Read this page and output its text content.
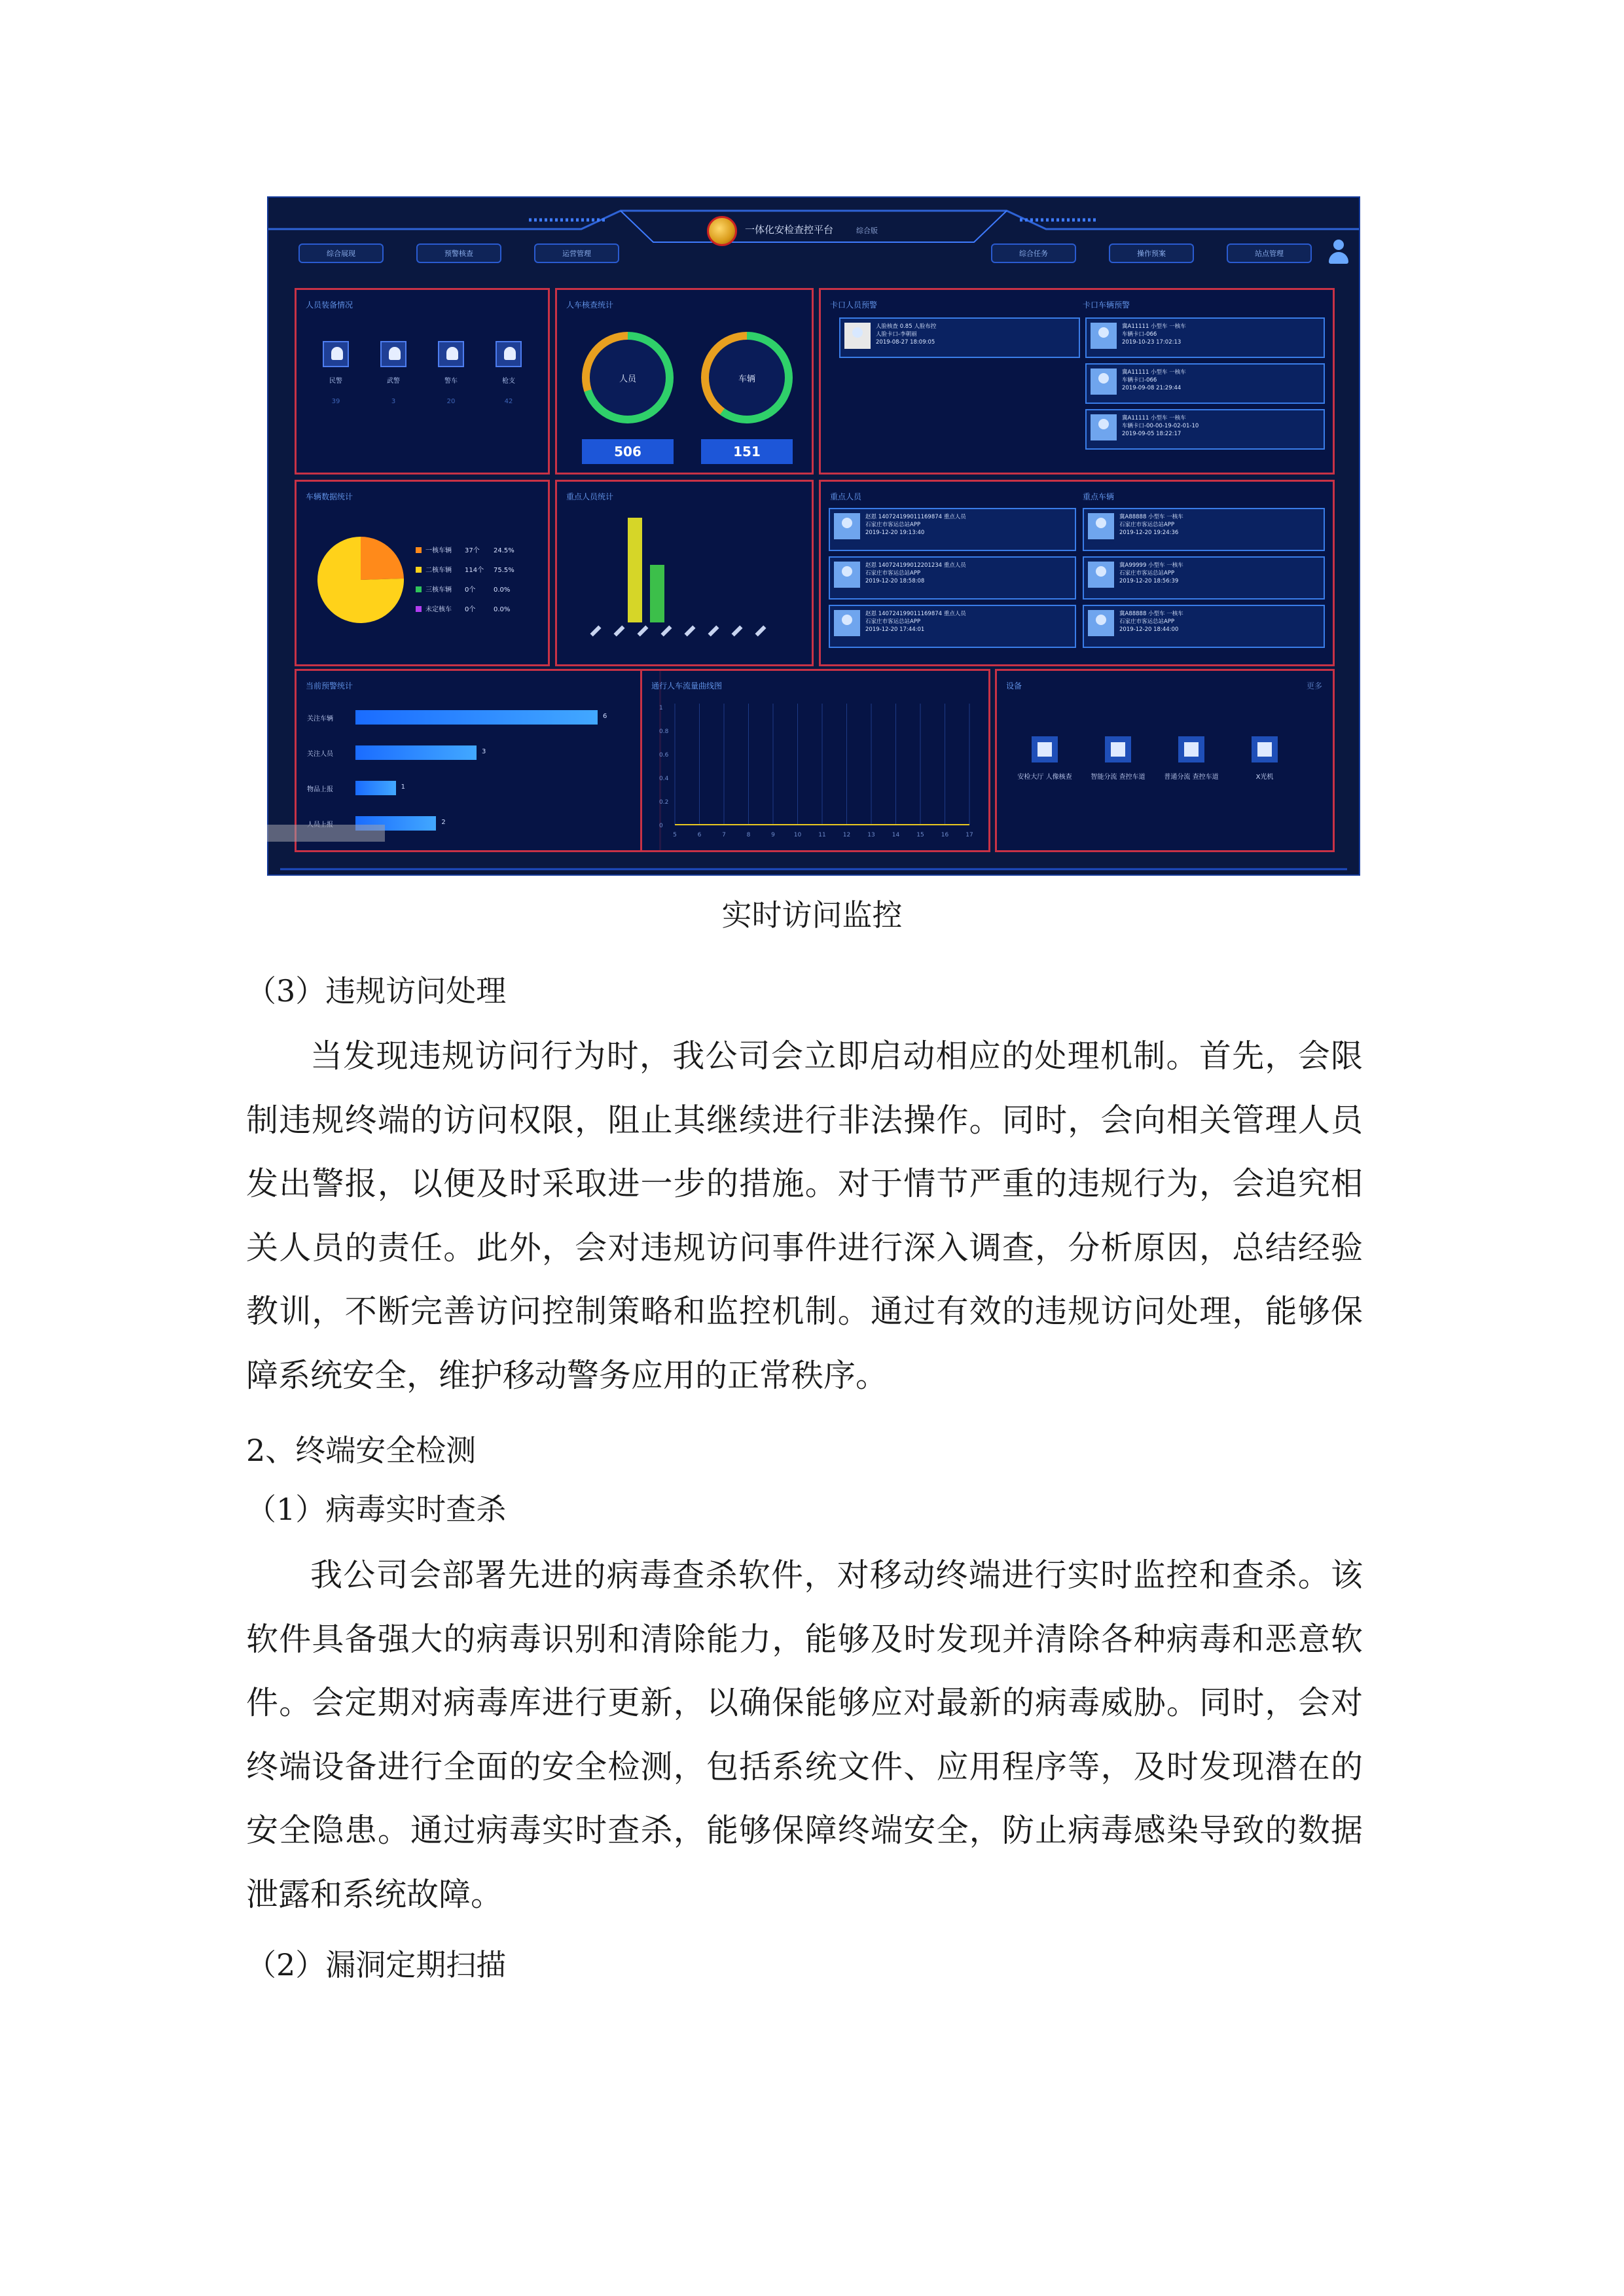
一体化安检查控平台	综合版
综合展现	预警核查	运营管理	综合任务	操作预案	站点管理
人员装备情况
民警
39
武警
3
警车
20
枪支
42
人车核查统计
人员	车辆
506	151
卡口人员预警	卡口车辆预警
人脸核查 0.85 人脸布控
人脸卡口-李朝丽
2019-08-27 18:09:05
冀A11111 小型车 一核车
车辆卡口-066
2019-10-23 17:02:13
冀A11111 小型车 一核车
车辆卡口-066
2019-09-08 21:29:44
冀A11111 小型车 一核车
车辆卡口-00-00-19-02-01-10
2019-09-05 18:22:17
车辆数据统计
一核车辆 37个 24.5%
二核车辆 114个 75.5%
三核车辆 0个	0.0%
未定核车 0个	0.0%
重点人员统计	重点人员	重点车辆
赵恩 140724199011169874 重点人员
石家庄市客运总站APP
2019-12-20 19:13:40
赵恩 140724199012201234 重点人员
石家庄市客运总站APP
2019-12-20 18:58:08
赵恩 140724199011169874 重点人员
石家庄市客运总站APP
2019-12-20 17:44:01
冀A88888 小型车 一核车
石家庄市客运总站APP
2019-12-20 19:24:36
冀A99999 小型车 一核车
石家庄市客运总站APP
2019-12-20 18:56:39
冀A88888 小型车 一核车
石家庄市客运总站APP
2019-12-20 18:44:00
当前预警统计
关注车辆
关注人员
物品上报
6
3
1
2
通行人车流量曲线图
5	6	7	8	9	10	11	12	13	14	15	16	17
1
0.8
0.6
0.4
0.2
0
设备	更多
安检大厅 人像核查	智能分流 查控车道	普通分流 查控车道	X光机
实时访问监控
（3）违规访问处理
当发现违规访问行为时，我公司会立即启动相应的处理机制。首先，会限制违规终端的访问权限，阻止其继续进行非法操作。同时，会向相关管理人员发出警报，以便及时采取进一步的措施。对于情节严重的违规行为，会追究相关人员的责任。此外，会对违规访问事件进行深入调查，分析原因，总结经验教训，不断完善访问控制策略和监控机制。通过有效的违规访问处理，能够保障系统安全，维护移动警务应用的正常秩序。
2、终端安全检测
（1）病毒实时查杀
我公司会部署先进的病毒查杀软件，对移动终端进行实时监控和查杀。该软件具备强大的病毒识别和清除能力，能够及时发现并清除各种病毒和恶意软件。会定期对病毒库进行更新，以确保能够应对最新的病毒威胁。同时，会对终端设备进行全面的安全检测，包括系统文件、应用程序等，及时发现潜在的安全隐患。通过病毒实时查杀，能够保障终端安全，防止病毒感染导致的数据泄露和系统故障。
（2）漏洞定期扫描
